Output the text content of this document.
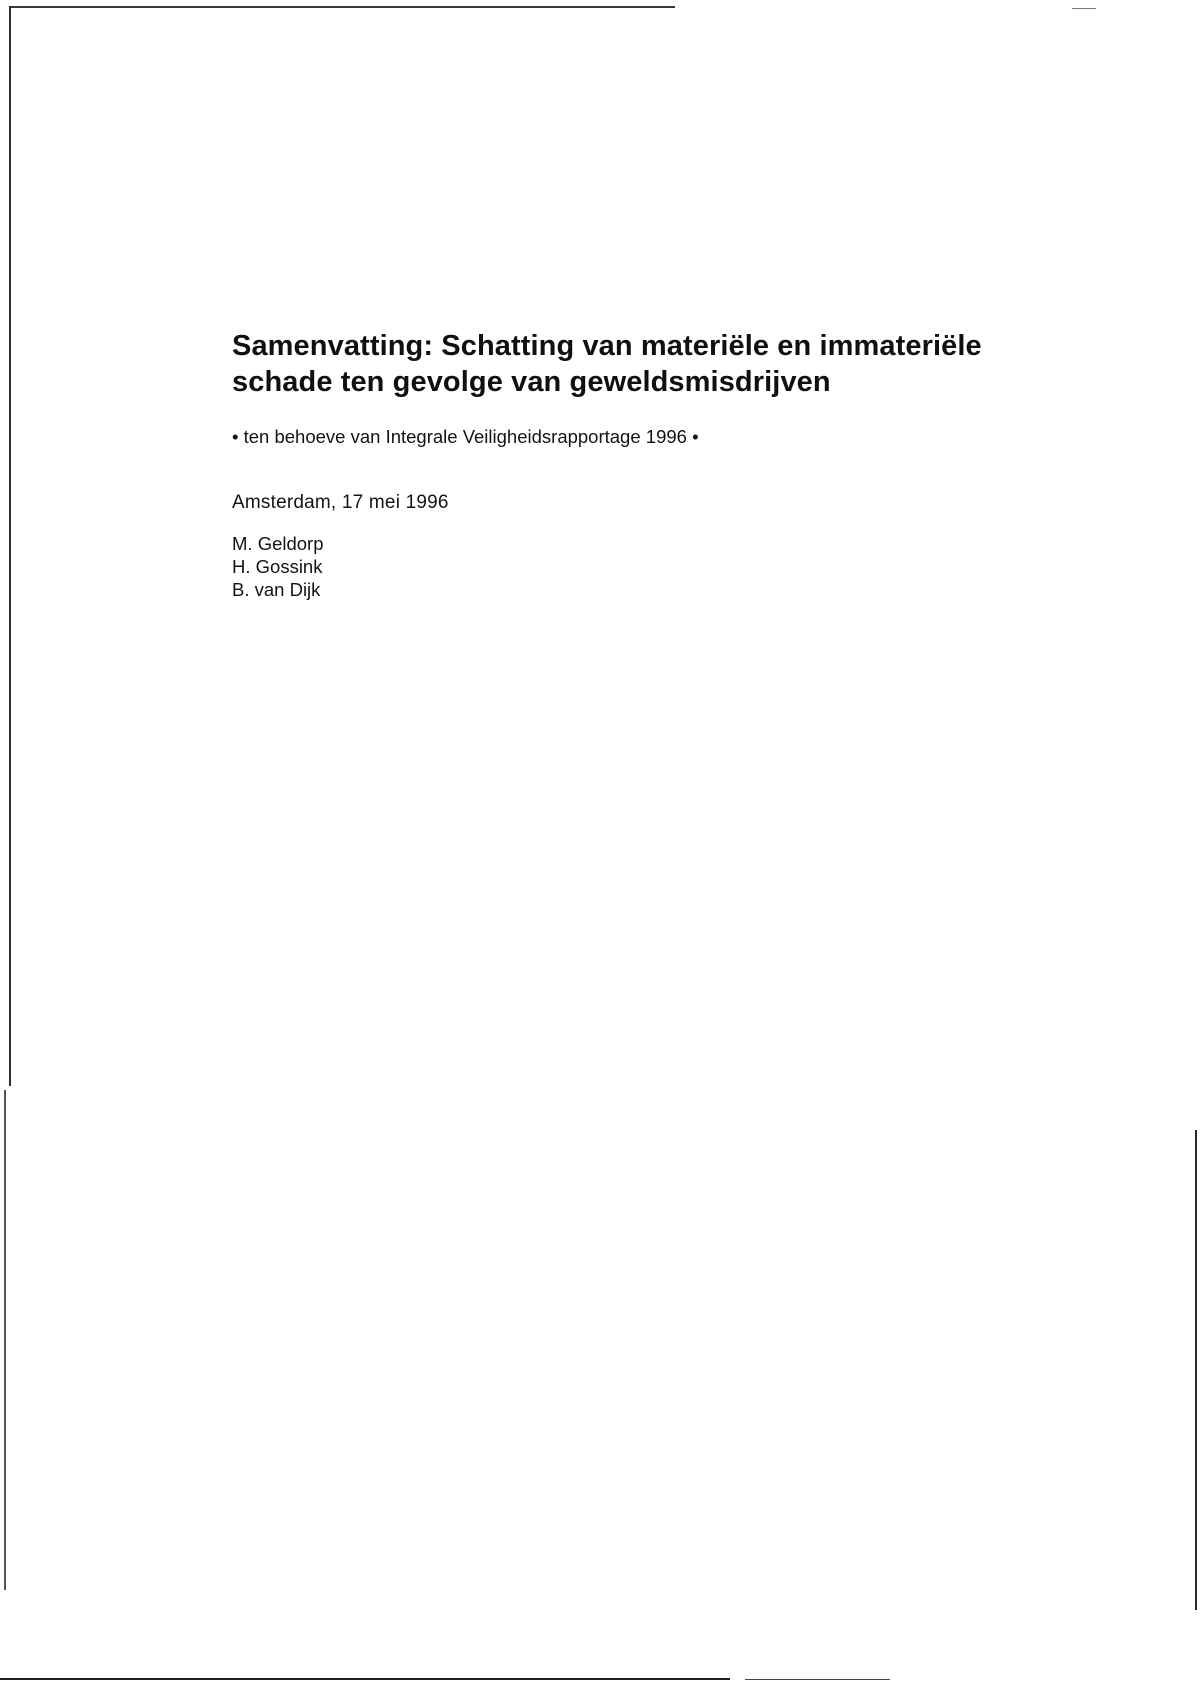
Samenvatting: Schatting van materiële en immateriële
schade ten gevolge van geweldsmisdrijven

• ten behoeve van Integrale Veiligheidsrapportage 1996 •

Amsterdam, 17 mei 1996

M. Geldorp
H. Gossink
B. van Dijk
